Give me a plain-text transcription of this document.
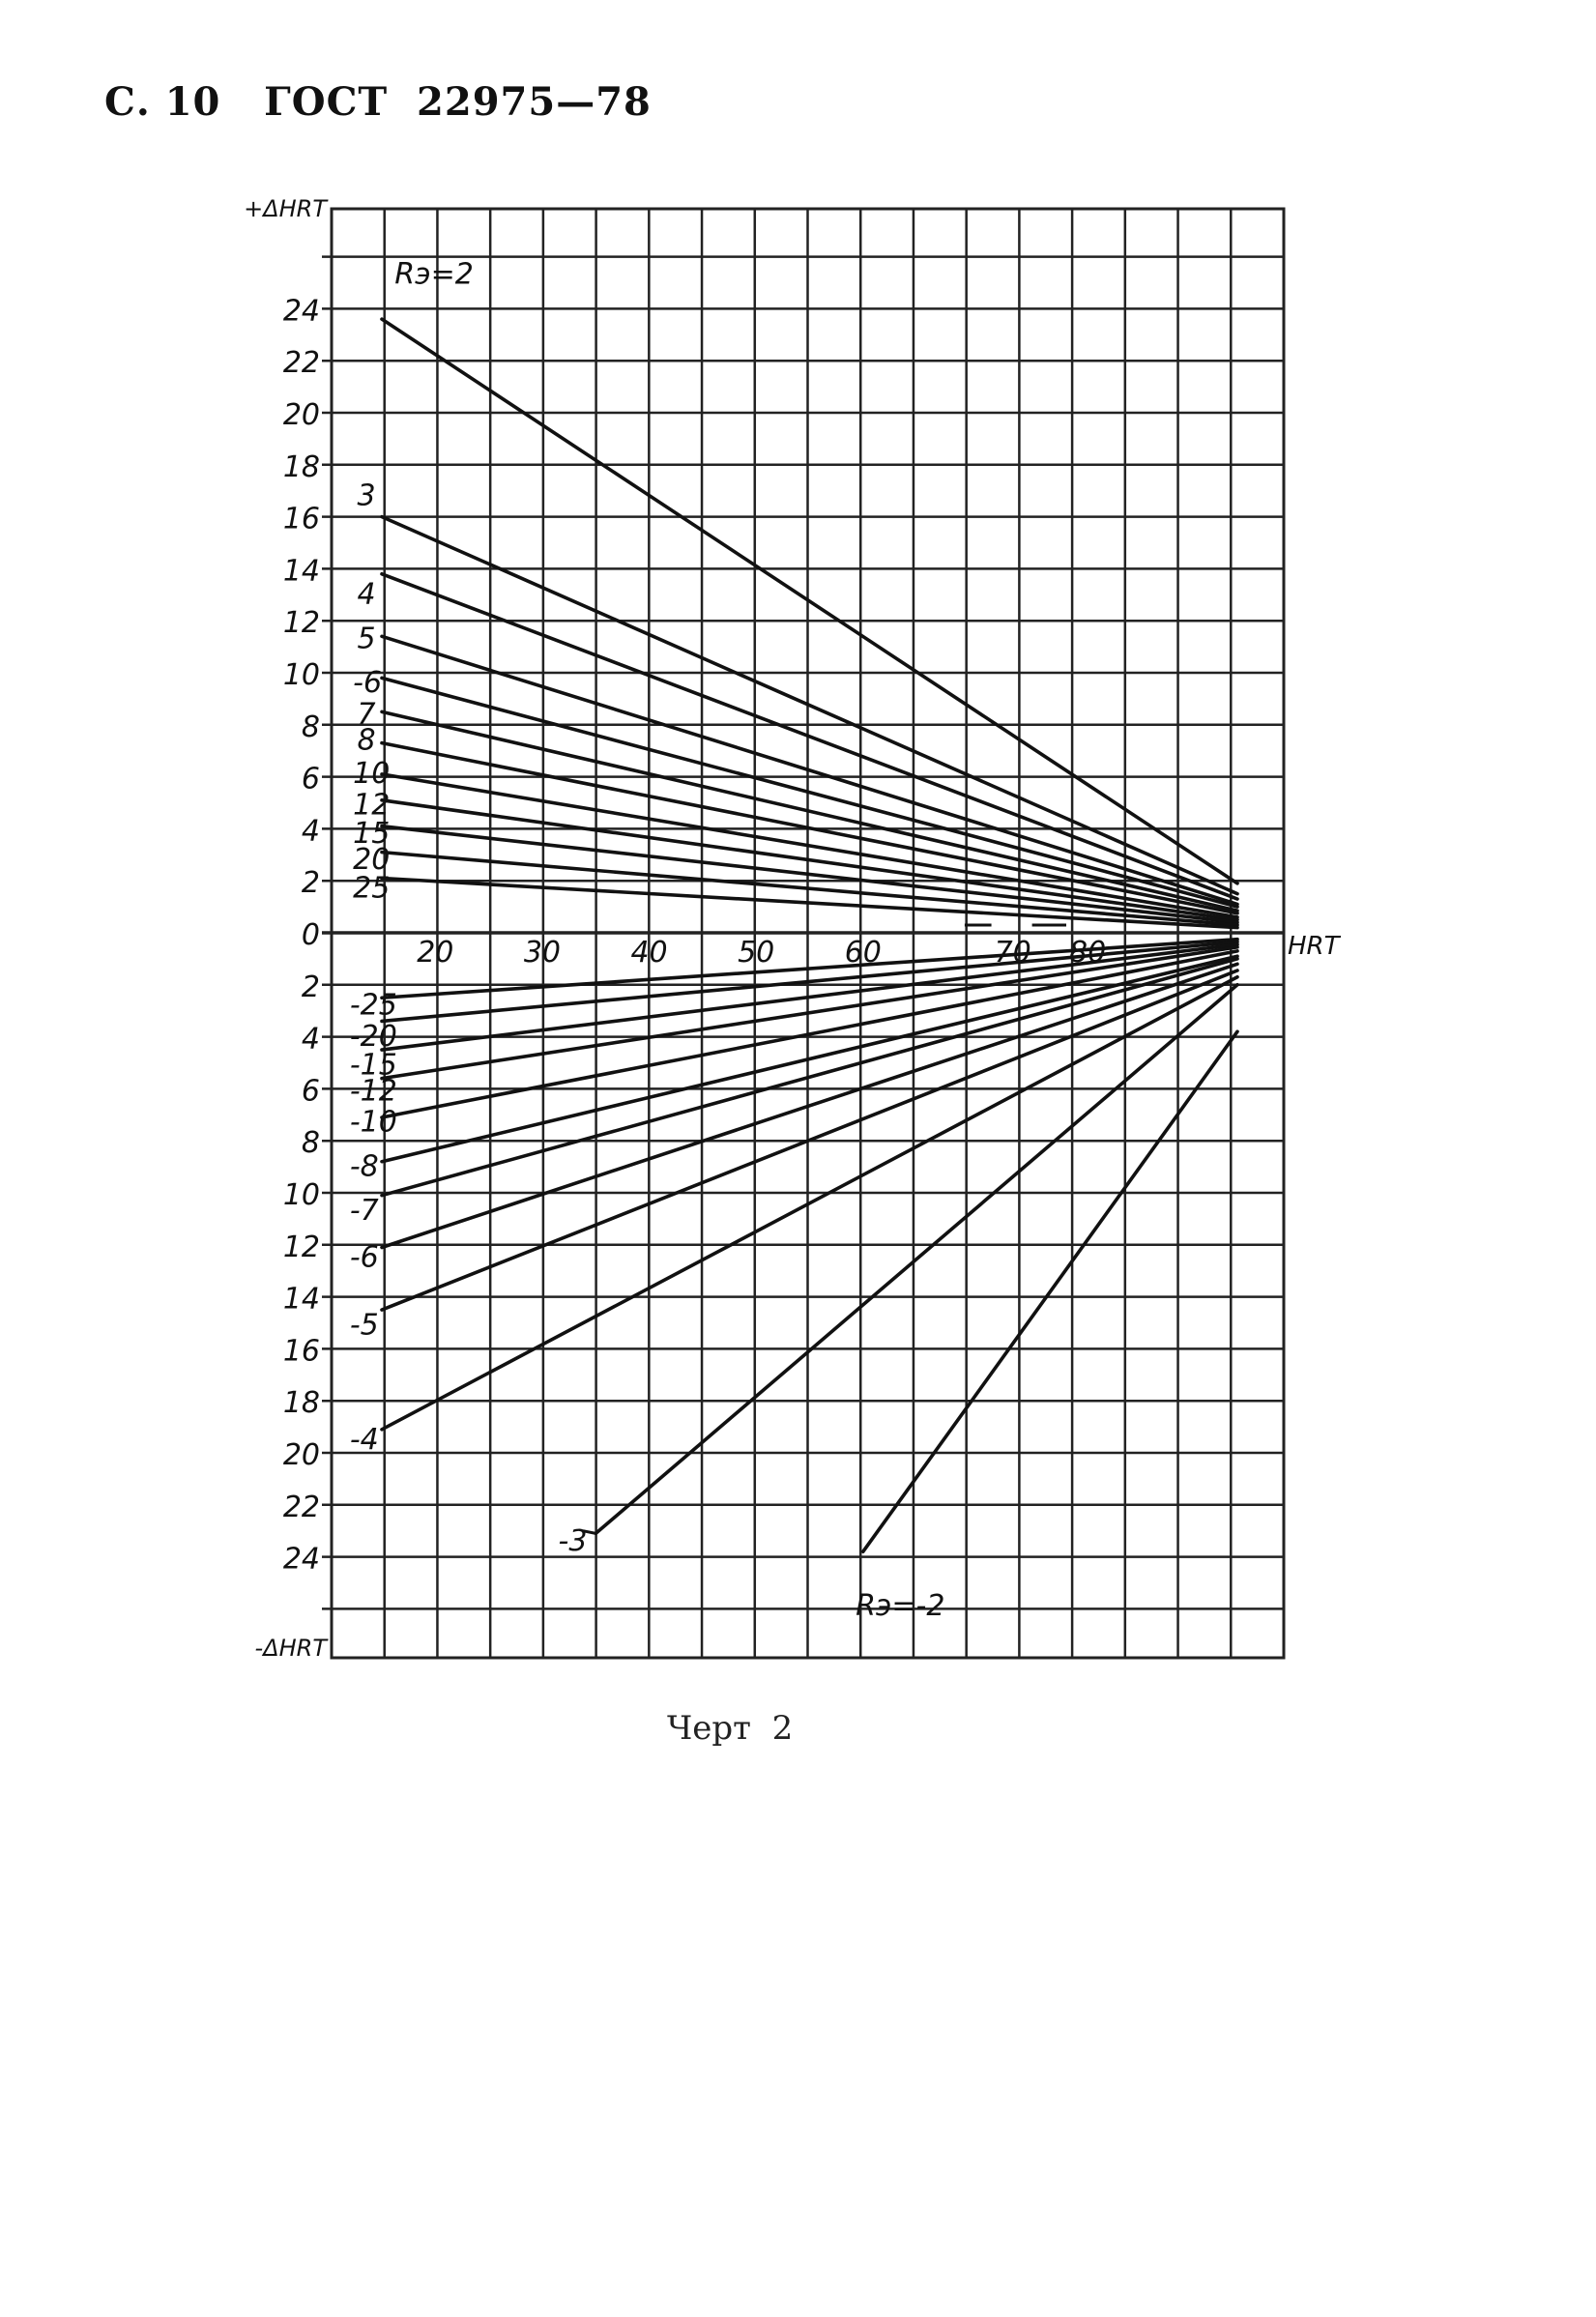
С. 10   ГОСТ  22975—78
24
22
20
18
16
14
12
10
8
6
4
2
0
2
4
6
8
10
12
14
16
18
20
22
24
+ΔHRT
-ΔHRT
HRT
20 30 40 50 60	70 80
Rэ=2
3
4
5
-6
7
8
10
12
15
20
25
-25
-20
-15
-12
-10
-8
-7
-6
-5
-4
-3
Rэ=-2
Черт  2
